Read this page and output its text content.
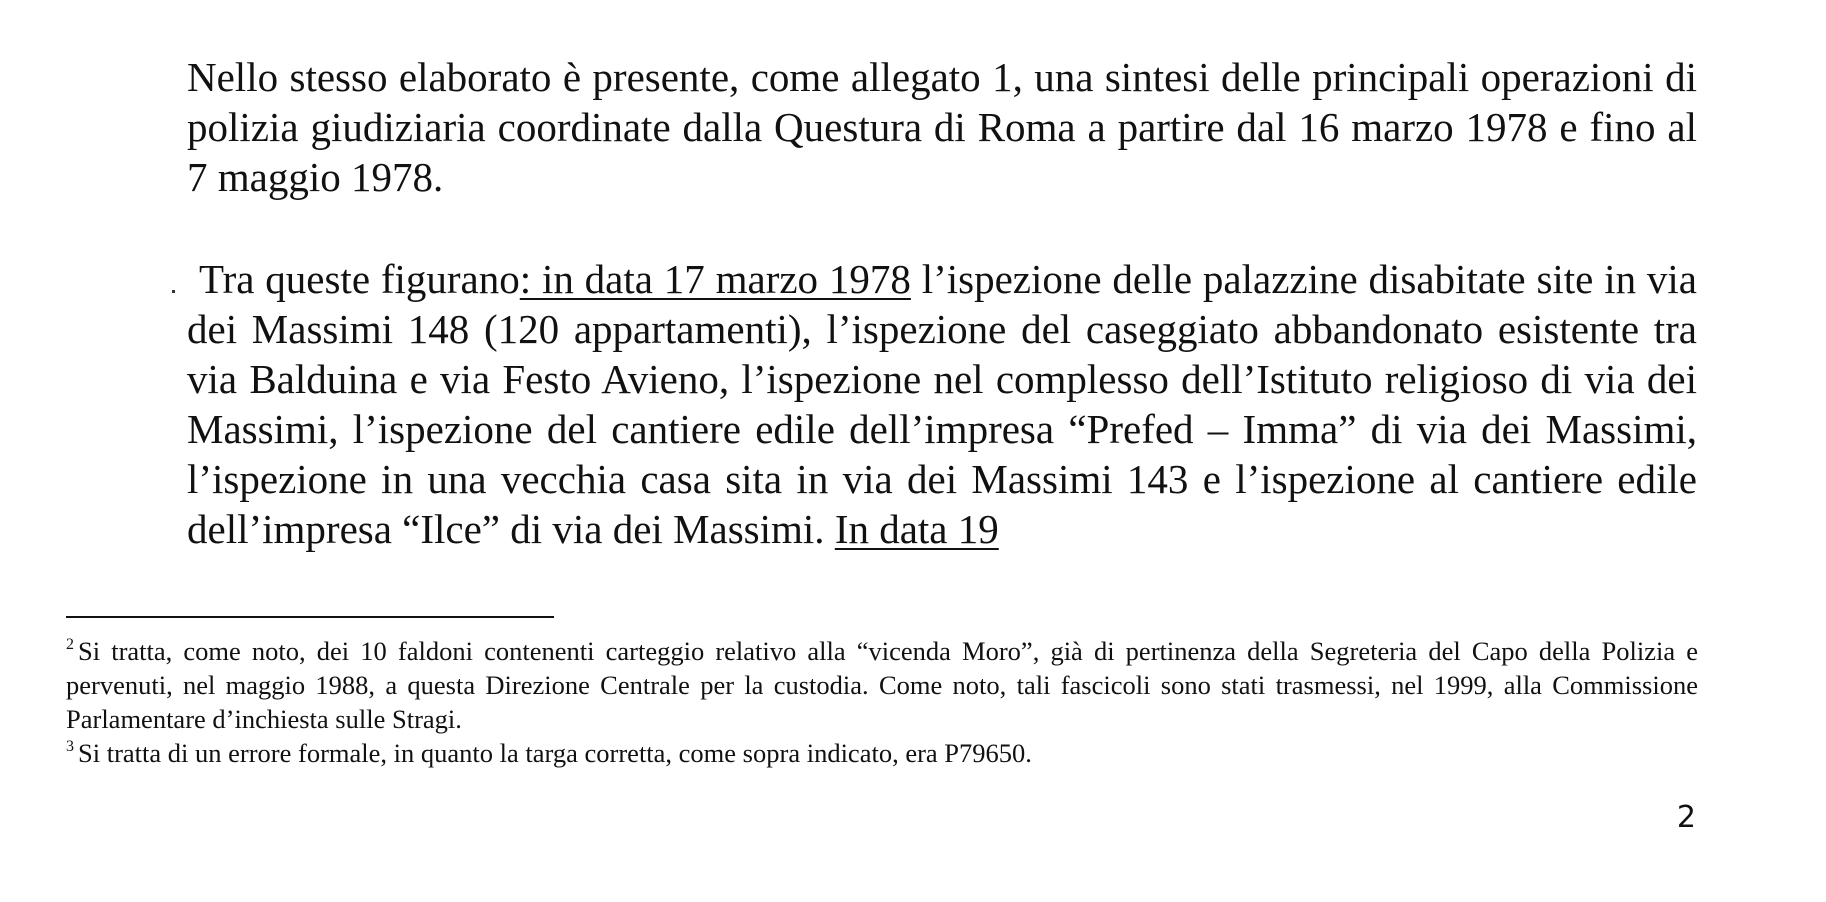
Nello stesso elaborato è presente, come allegato 1, una sintesi delle principali operazioni di polizia giudiziaria coordinate dalla Questura di Roma a partire dal 16 marzo 1978 e fino al 7 maggio 1978.

Tra queste figurano: in data 17 marzo 1978 l’ispezione delle palazzine disabitate site in via dei Massimi 148 (120 appartamenti), l’ispezione del caseggiato abbandonato esistente tra via Balduina e via Festo Avieno, l’ispezione nel complesso dell’Istituto religioso di via dei Massimi, l’ispezione del cantiere edile dell’impresa “Prefed – Imma” di via dei Massimi, l’ispezione in una vecchia casa sita in via dei Massimi 143 e l’ispezione al cantiere edile dell’impresa “Ilce” di via dei Massimi. In data 19

$^2$ Si tratta, come noto, dei 10 faldoni contenenti carteggio relativo alla “vicenda Moro”, già di pertinenza della Segreteria del Capo della Polizia e pervenuti, nel maggio 1988, a questa Direzione Centrale per la custodia. Come noto, tali fascicoli sono stati trasmessi, nel 1999, alla Commissione Parlamentare d’inchiesta sulle Stragi.

$^3$ Si tratta di un errore formale, in quanto la targa corretta, come sopra indicato, era P79650.

2
